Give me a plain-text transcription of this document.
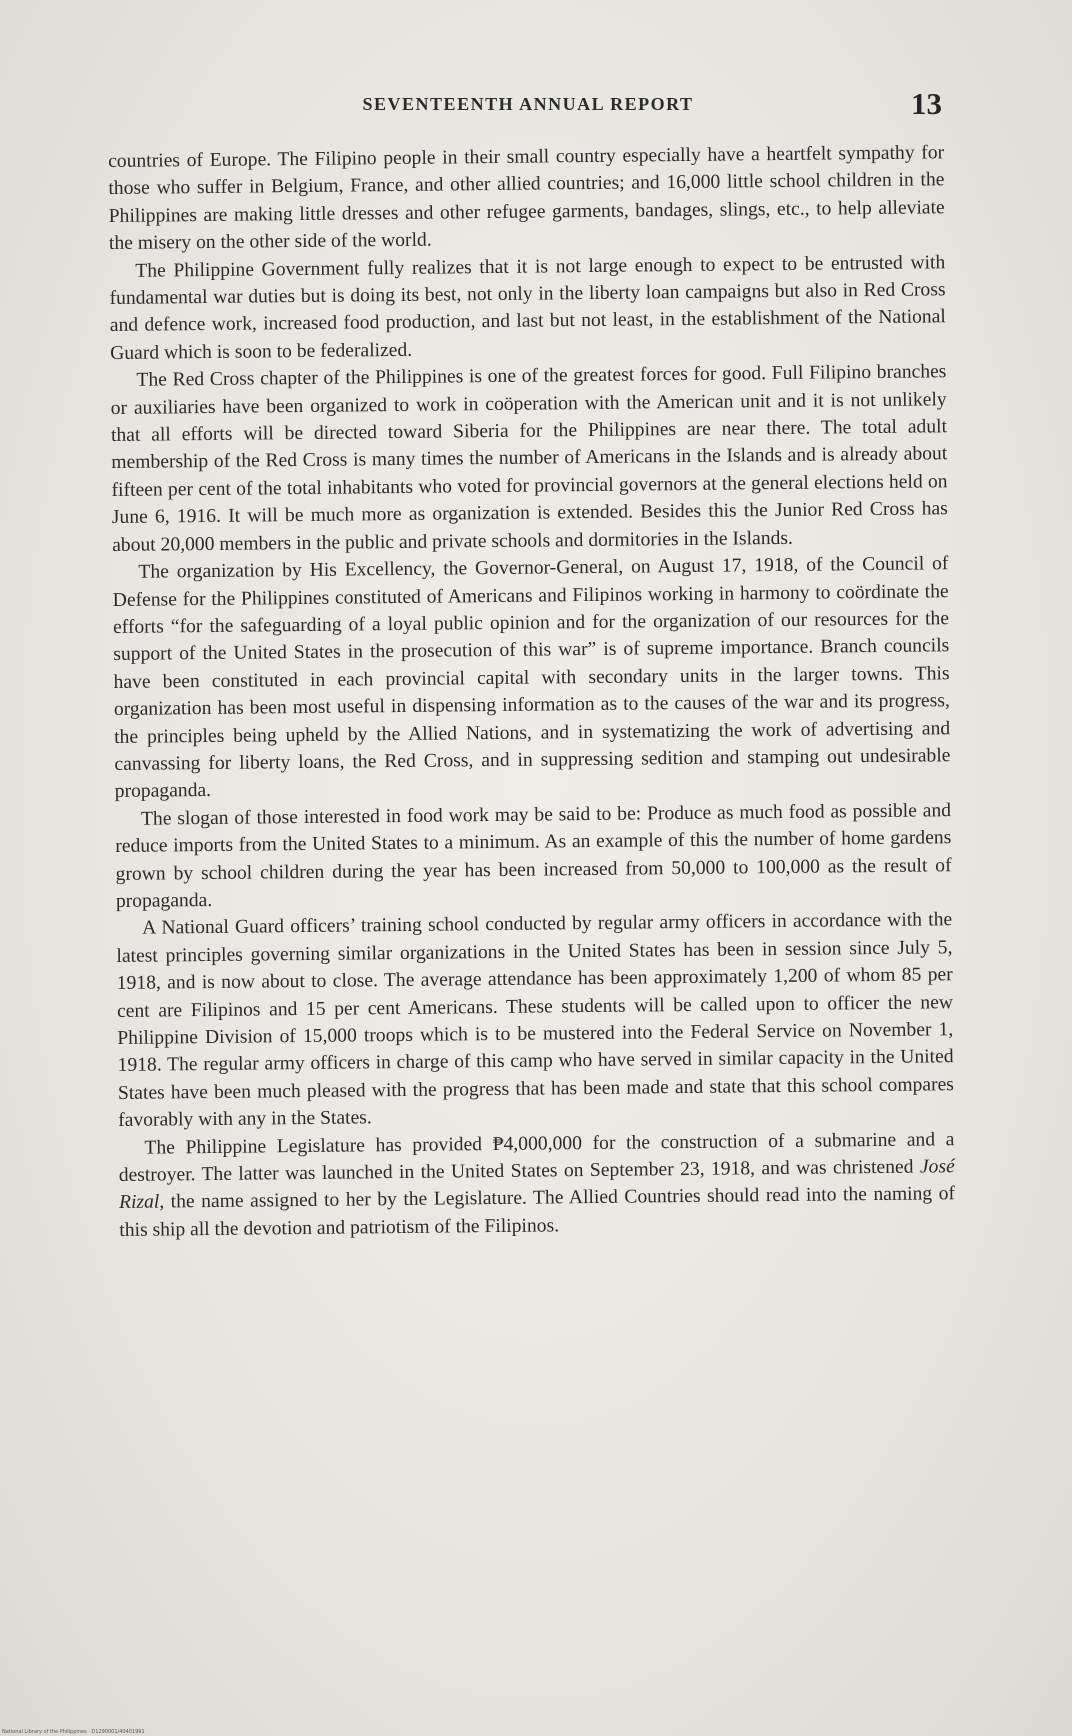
SEVENTEENTH ANNUAL REPORT	13

countries of Europe. The Filipino people in their small country especially have a heartfelt sympathy for those who suffer in Belgium, France, and other allied countries; and 16,000 little school children in the Philippines are making little dresses and other refugee garments, bandages, slings, etc., to help alleviate the misery on the other side of the world.

The Philippine Government fully realizes that it is not large enough to expect to be entrusted with fundamental war duties but is doing its best, not only in the liberty loan campaigns but also in Red Cross and defence work, increased food production, and last but not least, in the establishment of the National Guard which is soon to be federalized.

The Red Cross chapter of the Philippines is one of the greatest forces for good. Full Filipino branches or auxiliaries have been organized to work in coöperation with the American unit and it is not unlikely that all efforts will be directed toward Siberia for the Philippines are near there. The total adult membership of the Red Cross is many times the number of Americans in the Islands and is already about fifteen per cent of the total inhabitants who voted for provincial governors at the general elections held on June 6, 1916. It will be much more as organization is extended. Besides this the Junior Red Cross has about 20,000 members in the public and private schools and dormitories in the Islands.

The organization by His Excellency, the Governor-General, on August 17, 1918, of the Council of Defense for the Philippines constituted of Americans and Filipinos working in harmony to coördinate the efforts “for the safeguarding of a loyal public opinion and for the organization of our resources for the support of the United States in the prosecution of this war” is of supreme importance. Branch councils have been constituted in each provincial capital with secondary units in the larger towns. This organization has been most useful in dispensing information as to the causes of the war and its progress, the principles being upheld by the Allied Nations, and in systematizing the work of advertising and canvassing for liberty loans, the Red Cross, and in suppressing sedition and stamping out undesirable propaganda.

The slogan of those interested in food work may be said to be: Produce as much food as possible and reduce imports from the United States to a minimum. As an example of this the number of home gardens grown by school children during the year has been increased from 50,000 to 100,000 as the result of propaganda.

A National Guard officers’ training school conducted by regular army officers in accordance with the latest principles governing similar organizations in the United States has been in session since July 5, 1918, and is now about to close. The average attendance has been approximately 1,200 of whom 85 per cent are Filipinos and 15 per cent Americans. These students will be called upon to officer the new Philippine Division of 15,000 troops which is to be mustered into the Federal Service on November 1, 1918. The regular army officers in charge of this camp who have served in similar capacity in the United States have been much pleased with the progress that has been made and state that this school compares favorably with any in the States.

The Philippine Legislature has provided ₱4,000,000 for the construction of a submarine and a destroyer. The latter was launched in the United States on September 23, 1918, and was christened José Rizal, the name assigned to her by the Legislature. The Allied Countries should read into the naming of this ship all the devotion and patriotism of the Filipinos.

National Library of the Philippines · D1290001/40401991
